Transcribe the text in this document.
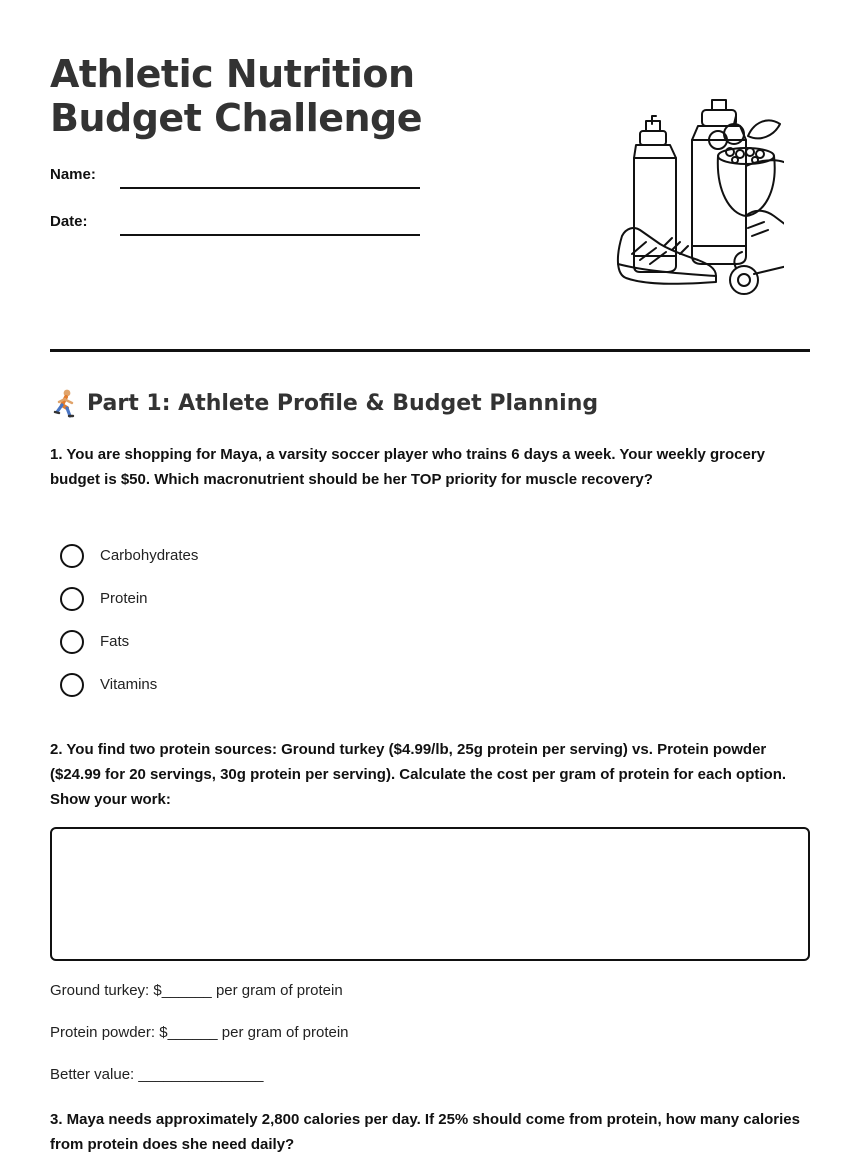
Athletic Nutrition
Budget Challenge
Name:
Date:
Part 1: Athlete Profile & Budget Planning

1. You are shopping for Maya, a varsity soccer player who trains 6 days a week. Your weekly grocery budget is $50. Which macronutrient should be her TOP priority for muscle recovery?

Carbohydrates
Protein
Fats
Vitamins

2. You find two protein sources: Ground turkey ($4.99/lb, 25g protein per serving) vs. Protein powder ($24.99 for 20 servings, 30g protein per serving). Calculate the cost per gram of protein for each option. Show your work:

Ground turkey: $______ per gram of protein
Protein powder: $______ per gram of protein
Better value: _______________

3. Maya needs approximately 2,800 calories per day. If 25% should come from protein, how many calories from protein does she need daily?
